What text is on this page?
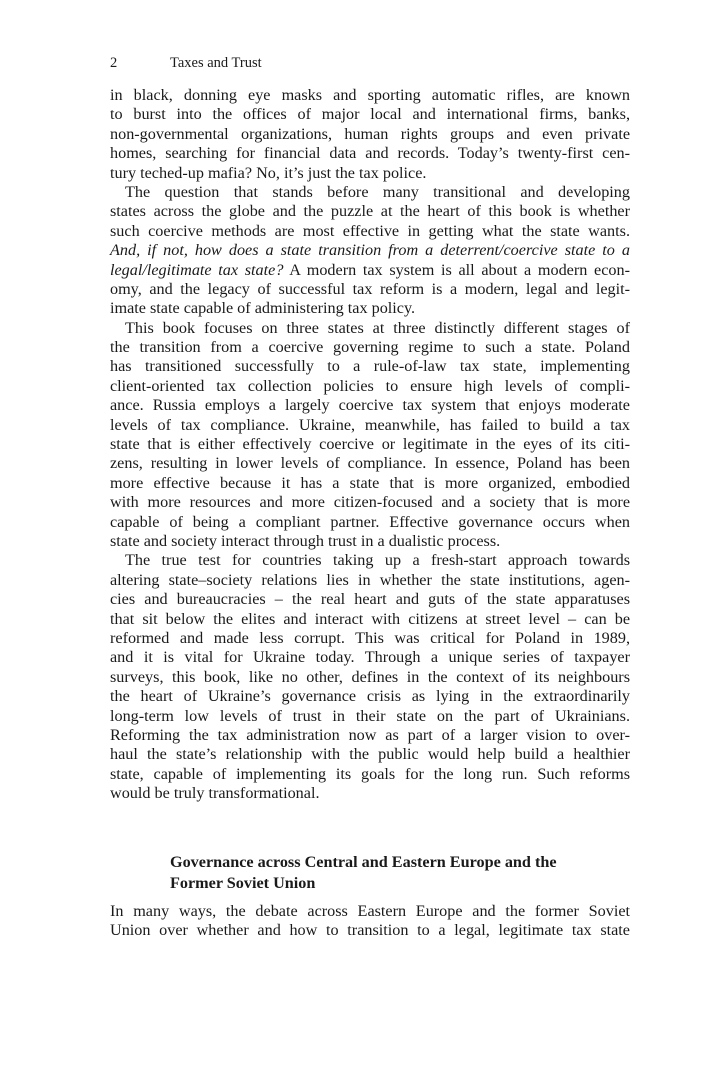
2	Taxes and Trust
in black, donning eye masks and sporting automatic rifles, are known
to burst into the offices of major local and international firms, banks,
non-governmental organizations, human rights groups and even private
homes, searching for financial data and records. Today’s twenty-first cen-
tury teched-up mafia? No, it’s just the tax police.
The question that stands before many transitional and developing
states across the globe and the puzzle at the heart of this book is whether
such coercive methods are most effective in getting what the state wants.
And, if not, how does a state transition from a deterrent/coercive state to a
legal/legitimate tax state? A modern tax system is all about a modern econ-
omy, and the legacy of successful tax reform is a modern, legal and legit-
imate state capable of administering tax policy.
This book focuses on three states at three distinctly different stages of
the transition from a coercive governing regime to such a state. Poland
has transitioned successfully to a rule-of-law tax state, implementing
client-oriented tax collection policies to ensure high levels of compli-
ance. Russia employs a largely coercive tax system that enjoys moderate
levels of tax compliance. Ukraine, meanwhile, has failed to build a tax
state that is either effectively coercive or legitimate in the eyes of its citi-
zens, resulting in lower levels of compliance. In essence, Poland has been
more effective because it has a state that is more organized, embodied
with more resources and more citizen-focused and a society that is more
capable of being a compliant partner. Effective governance occurs when
state and society interact through trust in a dualistic process.
The true test for countries taking up a fresh-start approach towards
altering state–society relations lies in whether the state institutions, agen-
cies and bureaucracies – the real heart and guts of the state apparatuses
that sit below the elites and interact with citizens at street level – can be
reformed and made less corrupt. This was critical for Poland in 1989,
and it is vital for Ukraine today. Through a unique series of taxpayer
surveys, this book, like no other, defines in the context of its neighbours
the heart of Ukraine’s governance crisis as lying in the extraordinarily
long-term low levels of trust in their state on the part of Ukrainians.
Reforming the tax administration now as part of a larger vision to over-
haul the state’s relationship with the public would help build a healthier
state, capable of implementing its goals for the long run. Such reforms
would be truly transformational.
Governance across Central and Eastern Europe and the
Former Soviet Union
In many ways, the debate across Eastern Europe and the former Soviet
Union over whether and how to transition to a legal, legitimate tax state
